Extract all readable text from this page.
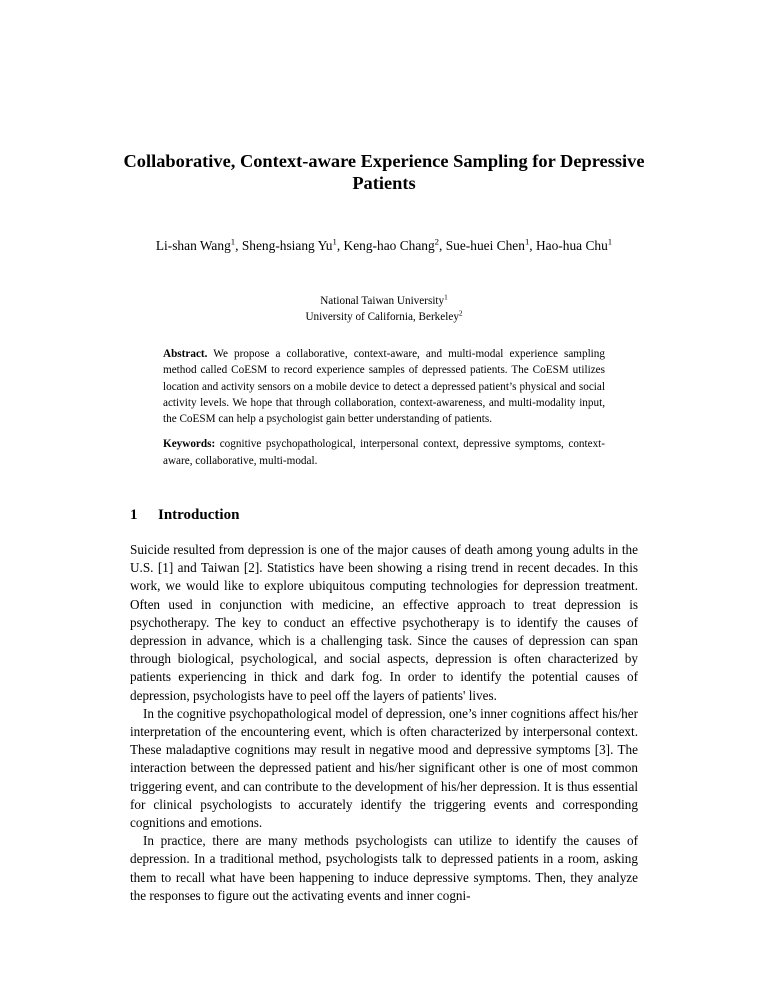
Collaborative, Context-aware Experience Sampling for Depressive Patients
Li-shan Wang$^1$, Sheng-hsiang Yu$^1$, Keng-hao Chang$^2$, Sue-huei Chen$^1$, Hao-hua Chu$^1$
National Taiwan University$^1$
University of California, Berkeley$^2$

Abstract. We propose a collaborative, context-aware, and multi-modal experience sampling method called CoESM to record experience samples of depressed patients. The CoESM utilizes location and activity sensors on a mobile device to detect a depressed patient’s physical and social activity levels. We hope that through collaboration, context-awareness, and multi-modality input, the CoESM can help a psychologist gain better understanding of patients.

Keywords: cognitive psychopathological, interpersonal context, depressive symptoms, context-aware, collaborative, multi-modal.

1 Introduction

Suicide resulted from depression is one of the major causes of death among young adults in the U.S. [1] and Taiwan [2]. Statistics have been showing a rising trend in recent decades. In this work, we would like to explore ubiquitous computing technologies for depression treatment. Often used in conjunction with medicine, an effective approach to treat depression is psychotherapy. The key to conduct an effective psychotherapy is to identify the causes of depression in advance, which is a challenging task. Since the causes of depression can span through biological, psychological, and social aspects, depression is often characterized by patients experiencing in thick and dark fog. In order to identify the potential causes of depression, psychologists have to peel off the layers of patients' lives.

In the cognitive psychopathological model of depression, one’s inner cognitions affect his/her interpretation of the encountering event, which is often characterized by interpersonal context. These maladaptive cognitions may result in negative mood and depressive symptoms [3]. The interaction between the depressed patient and his/her significant other is one of most common triggering event, and can contribute to the development of his/her depression. It is thus essential for clinical psychologists to accurately identify the triggering events and corresponding cognitions and emotions.

In practice, there are many methods psychologists can utilize to identify the causes of depression. In a traditional method, psychologists talk to depressed patients in a room, asking them to recall what have been happening to induce depressive symptoms. Then, they analyze the responses to figure out the activating events and inner cogni-
